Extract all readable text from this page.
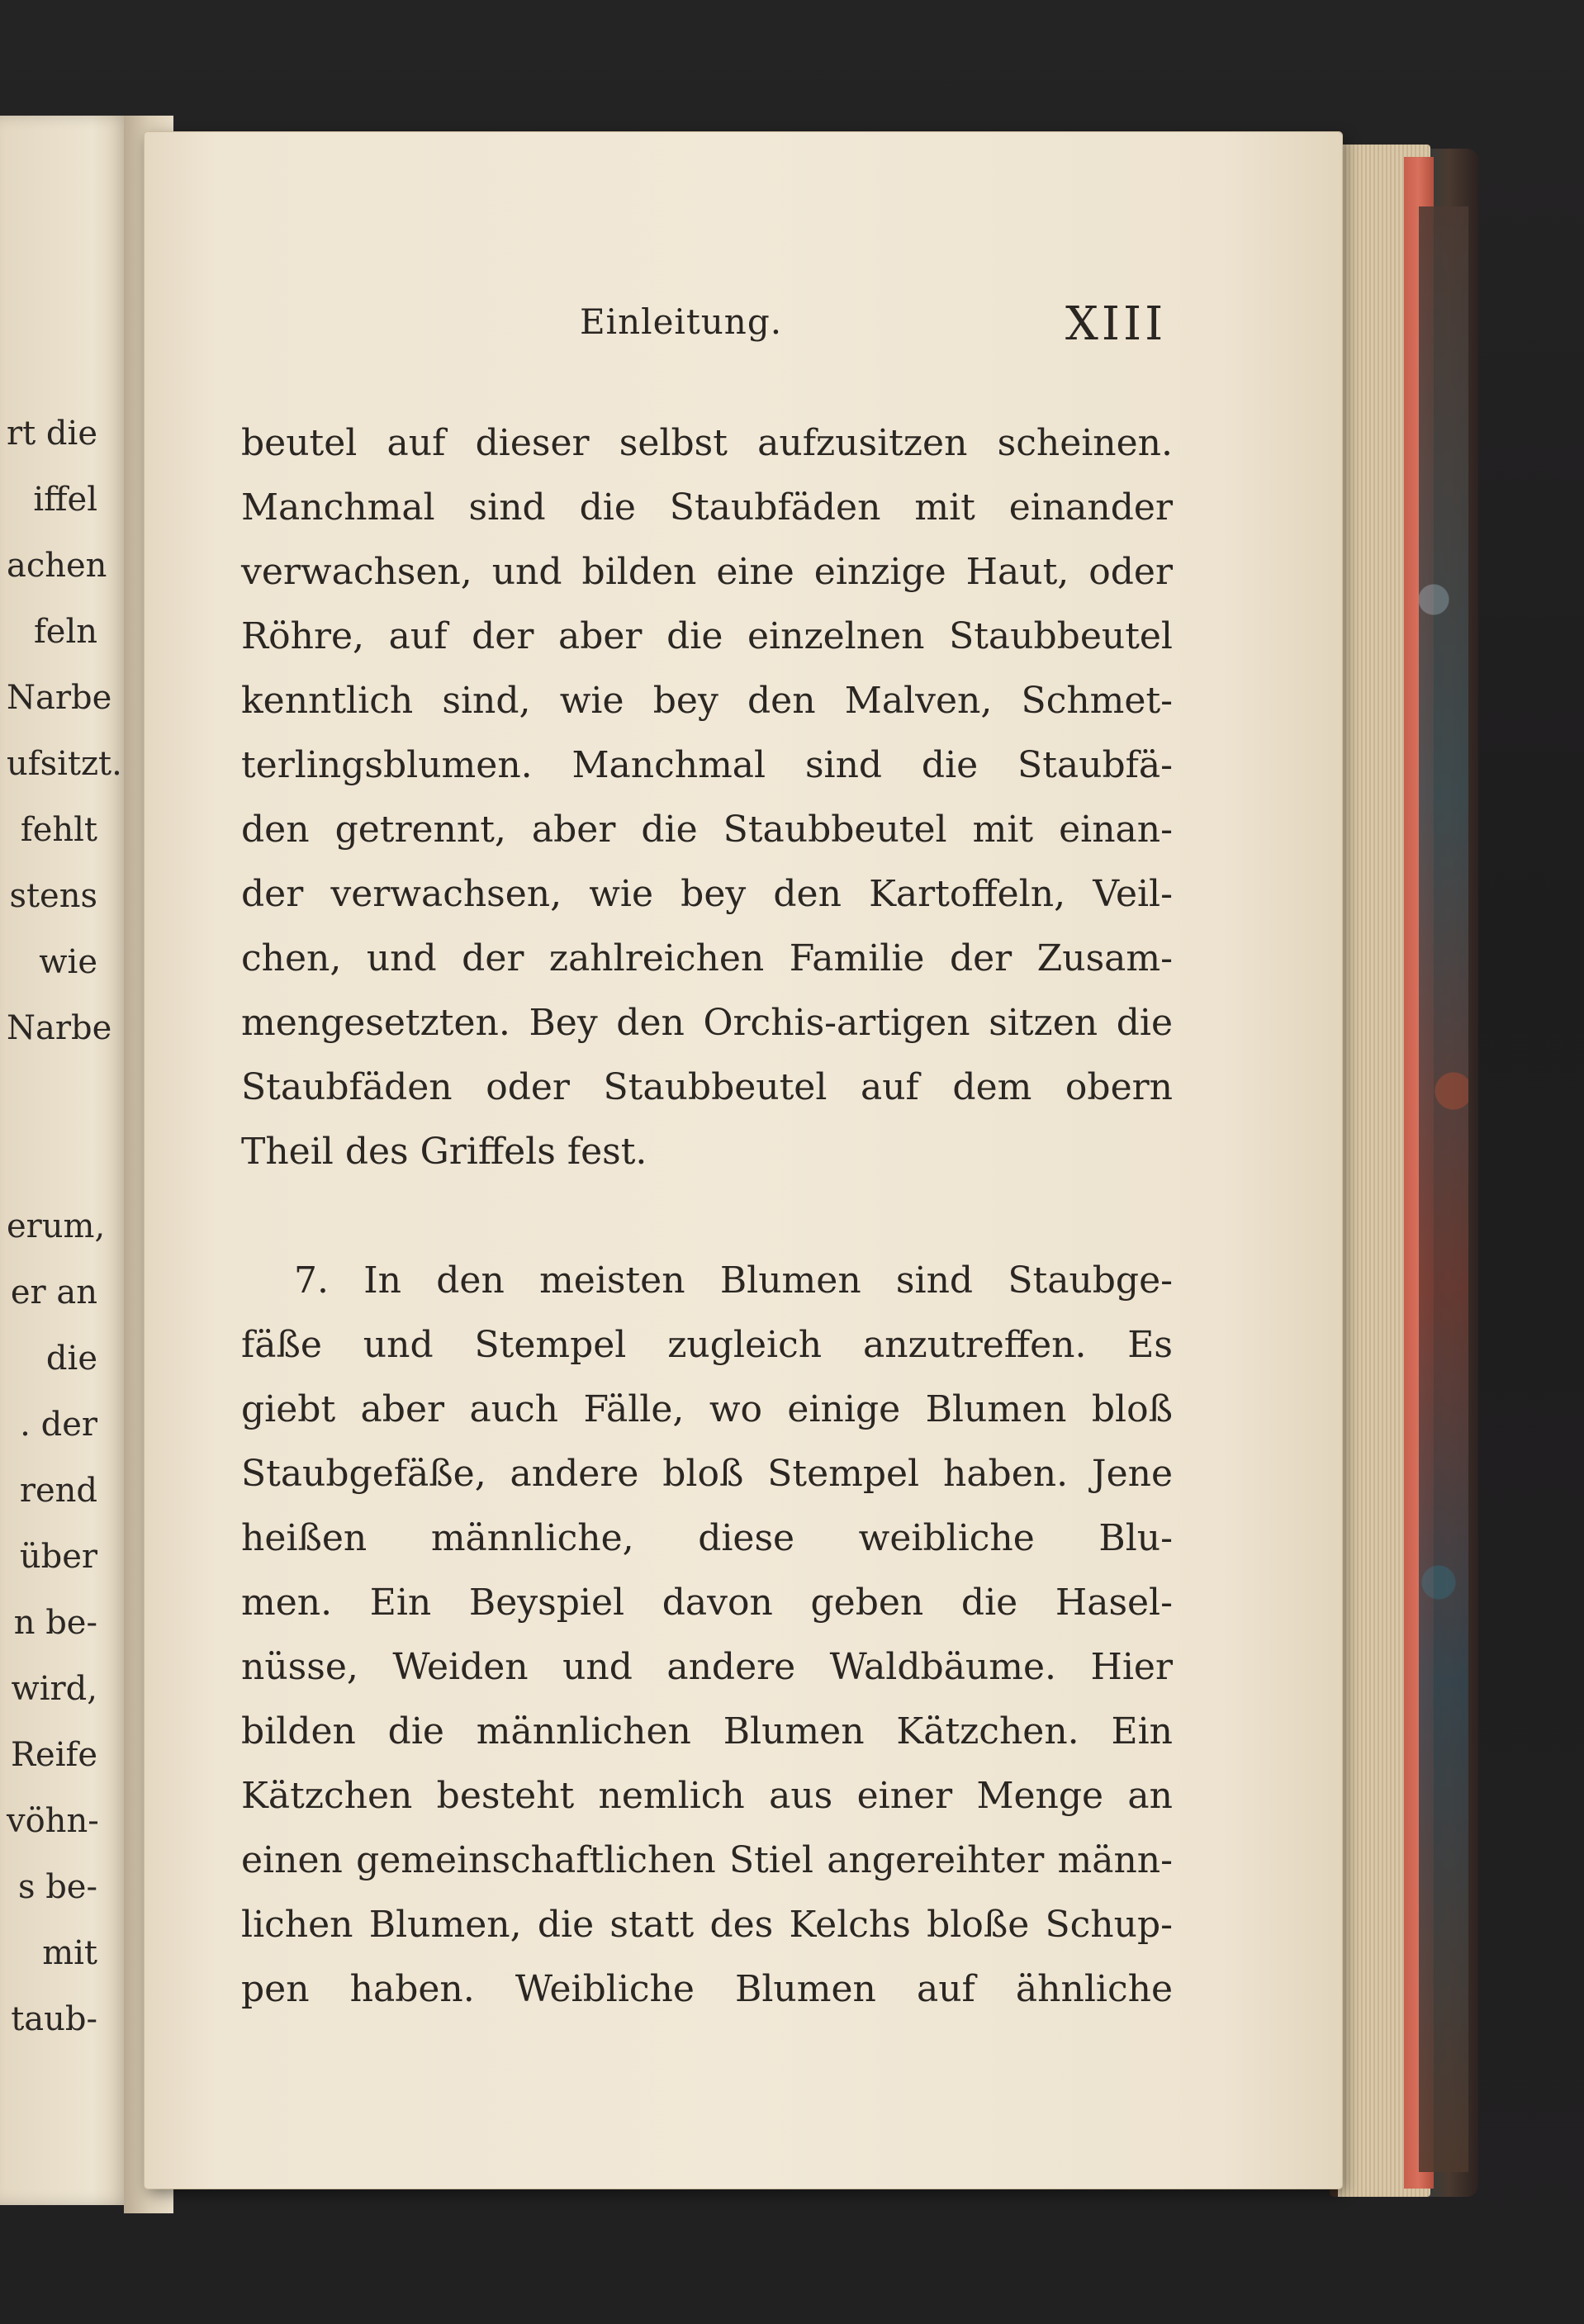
rt die
iffel
achen
feln
Narbe
ufsitzt.
fehlt
stens
wie
Narbe
erum,
er an
die
. der
rend
über
n be-
wird,
Reife
vöhn-
s be-
mit
taub-
Einleitung.	XIII
beutel auf dieser selbst aufzusitzen scheinen.
Manchmal sind die Staubfäden mit einander
verwachsen, und bilden eine einzige Haut, oder
Röhre, auf der aber die einzelnen Staubbeutel
kenntlich sind, wie bey den Malven, Schmet-
terlingsblumen. Manchmal sind die Staubfä-
den getrennt, aber die Staubbeutel mit einan-
der verwachsen, wie bey den Kartoffeln, Veil-
chen, und der zahlreichen Familie der Zusam-
mengesetzten. Bey den Orchis-artigen sitzen die
Staubfäden oder Staubbeutel auf dem obern
Theil des Griffels fest.
7. In den meisten Blumen sind Staubge-
fäße und Stempel zugleich anzutreffen. Es
giebt aber auch Fälle, wo einige Blumen bloß
Staubgefäße, andere bloß Stempel haben. Jene
heißen männliche, diese weibliche Blu-
men. Ein Beyspiel davon geben die Hasel-
nüsse, Weiden und andere Waldbäume. Hier
bilden die männlichen Blumen Kätzchen. Ein
Kätzchen besteht nemlich aus einer Menge an
einen gemeinschaftlichen Stiel angereihter männ-
lichen Blumen, die statt des Kelchs bloße Schup-
pen haben. Weibliche Blumen auf ähnliche
